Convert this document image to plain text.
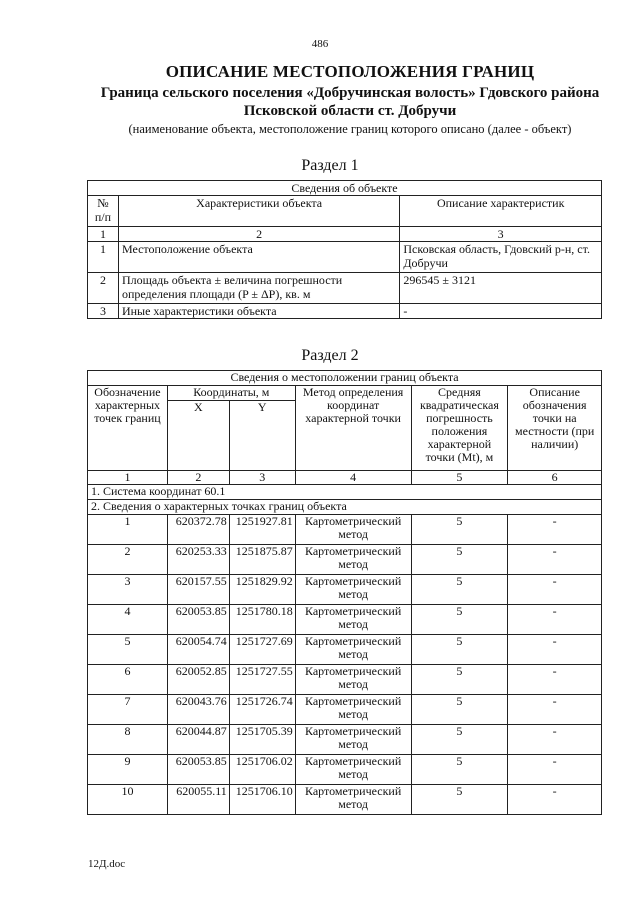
486
ОПИСАНИЕ МЕСТОПОЛОЖЕНИЯ ГРАНИЦ
Граница сельского поселения «Добручинская волость» Гдовского района
Псковской области ст. Добручи
(наименование объекта, местоположение границ которого описано (далее - объект)
Раздел 1
Сведения об объекте		
№ п/п	Характеристики объекта	Описание характеристик
1	2	3
1	Местоположение объекта	Псковская область, Гдовский р-н, ст. Добручи
2	Площадь объекта ± величина погрешности определения площади (P ± ΔP), кв. м	296545 ± 3121
3	Иные характеристики объекта	-
Раздел 2
Сведения о местоположении границ объекта					
Обозначение характерных точек границ	Координаты, м		Метод определения координат характерной точки	Средняя квадратическая погрешность положения характерной точки (Mt), м	Описание обозначения точки на местности (при наличии)
	X	Y			
1	2	3	4	5	6
1. Система координат 60.1					
2. Сведения о характерных точках границ объекта					
1	620372.78	1251927.81	Картометрический метод	5	-
2	620253.33	1251875.87	Картометрический метод	5	-
3	620157.55	1251829.92	Картометрический метод	5	-
4	620053.85	1251780.18	Картометрический метод	5	-
5	620054.74	1251727.69	Картометрический метод	5	-
6	620052.85	1251727.55	Картометрический метод	5	-
7	620043.76	1251726.74	Картометрический метод	5	-
8	620044.87	1251705.39	Картометрический метод	5	-
9	620053.85	1251706.02	Картометрический метод	5	-
10	620055.11	1251706.10	Картометрический метод	5	-
12Д.doc
